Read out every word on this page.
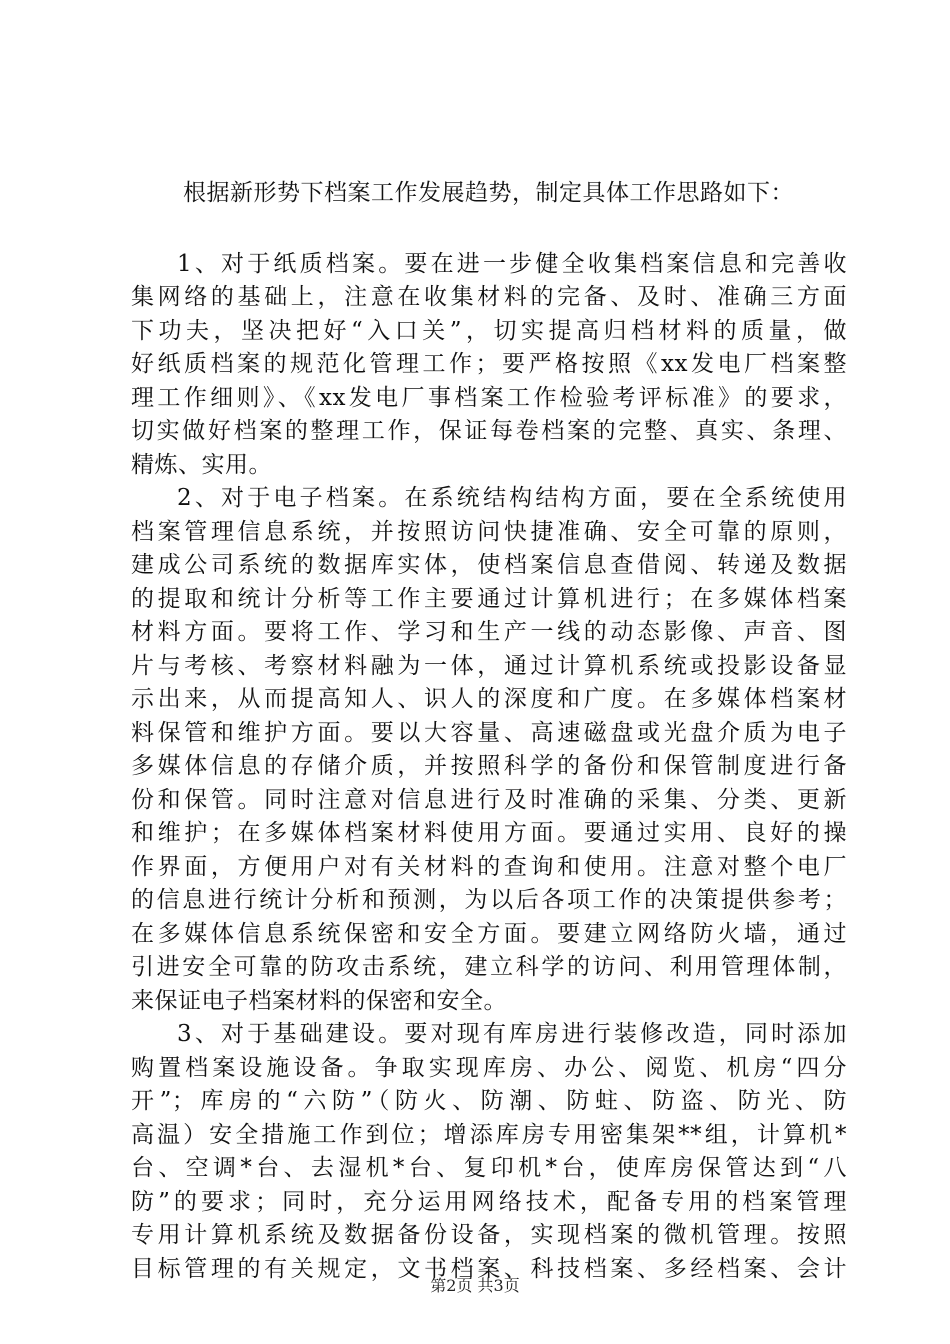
根据新形势下档案工作发展趋势，制定具体工作思路如下：
1、对于纸质档案。要在进一步健全收集档案信息和完善收
集网络的基础上，注意在收集材料的完备、及时、准确三方面
下功夫，坚决把好“入口关”，切实提高归档材料的质量，做
好纸质档案的规范化管理工作；要严格按照《xx发电厂档案整
理工作细则》、《xx发电厂事档案工作检验考评标准》的要求，
切实做好档案的整理工作，保证每卷档案的完整、真实、条理、
精炼、实用。
2、对于电子档案。在系统结构结构方面，要在全系统使用
档案管理信息系统，并按照访问快捷准确、安全可靠的原则，
建成公司系统的数据库实体，使档案信息查借阅、转递及数据
的提取和统计分析等工作主要通过计算机进行；在多媒体档案
材料方面。要将工作、学习和生产一线的动态影像、声音、图
片与考核、考察材料融为一体，通过计算机系统或投影设备显
示出来，从而提高知人、识人的深度和广度。在多媒体档案材
料保管和维护方面。要以大容量、高速磁盘或光盘介质为电子
多媒体信息的存储介质，并按照科学的备份和保管制度进行备
份和保管。同时注意对信息进行及时准确的采集、分类、更新
和维护；在多媒体档案材料使用方面。要通过实用、良好的操
作界面，方便用户对有关材料的查询和使用。注意对整个电厂
的信息进行统计分析和预测，为以后各项工作的决策提供参考；
在多媒体信息系统保密和安全方面。要建立网络防火墙，通过
引进安全可靠的防攻击系统，建立科学的访问、利用管理体制，
来保证电子档案材料的保密和安全。
3、对于基础建设。要对现有库房进行装修改造，同时添加
购置档案设施设备。争取实现库房、办公、阅览、机房“四分
开”；库房的“六防”（防火、防潮、防蛀、防盗、防光、防
高温）安全措施工作到位；增添库房专用密集架**组，计算机*
台、空调*台、去湿机*台、复印机*台，使库房保管达到“八
防”的要求；同时，充分运用网络技术，配备专用的档案管理
专用计算机系统及数据备份设备，实现档案的微机管理。按照
目标管理的有关规定，文书档案、科技档案、多经档案、会计
第2页 共3页
